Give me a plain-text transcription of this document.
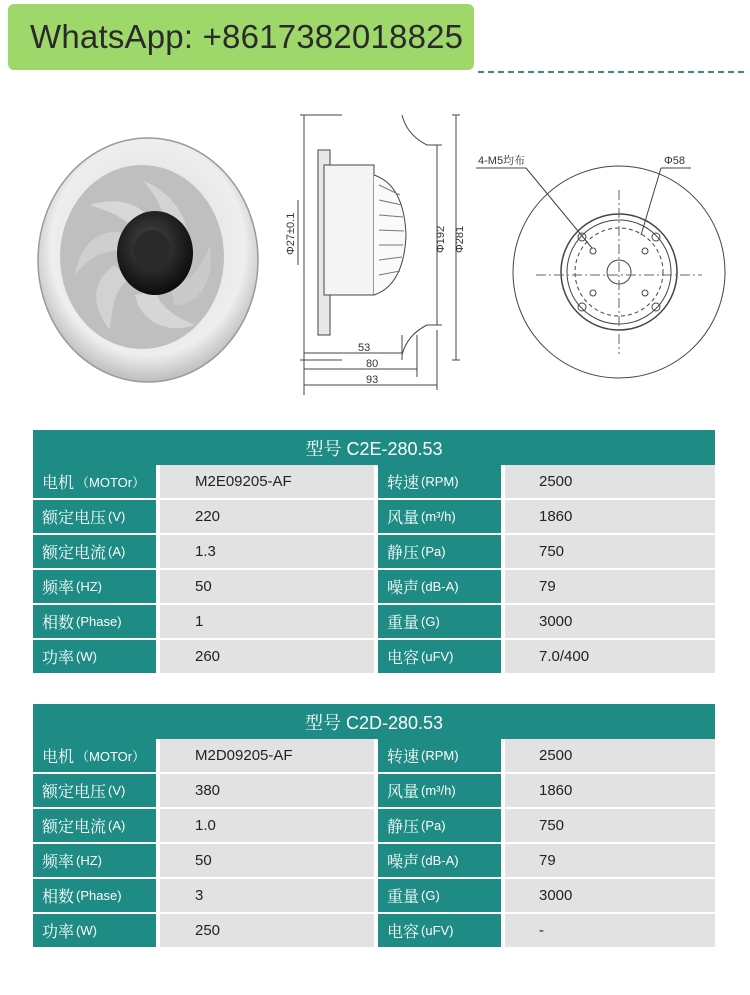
WhatsApp: +8617382018825
Φ27±0.1	Φ192 Φ281
53
80
93
4-M5均布	Φ58
型号 C2E-280.53
电机 （MOTOr）	M2E09205-AF	转速 (RPM)	2500
额定电压 (V)	220	风量 (m³/h)	1860
额定电流 (A)	1.3	静压 (Pa)	750
频率 (HZ)	50	噪声 (dB-A)	79
相数 (Phase)	1	重量 (G)	3000
功率 (W)	260	电容 (uFV)	7.0/400
型号 C2D-280.53
电机 （MOTOr）	M2D09205-AF	转速 (RPM)	2500
额定电压 (V)	380	风量 (m³/h)	1860
额定电流 (A)	1.0	静压 (Pa)	750
频率 (HZ)	50	噪声 (dB-A)	79
相数 (Phase)	3	重量 (G)	3000
功率 (W)	250	电容 (uFV)	-
